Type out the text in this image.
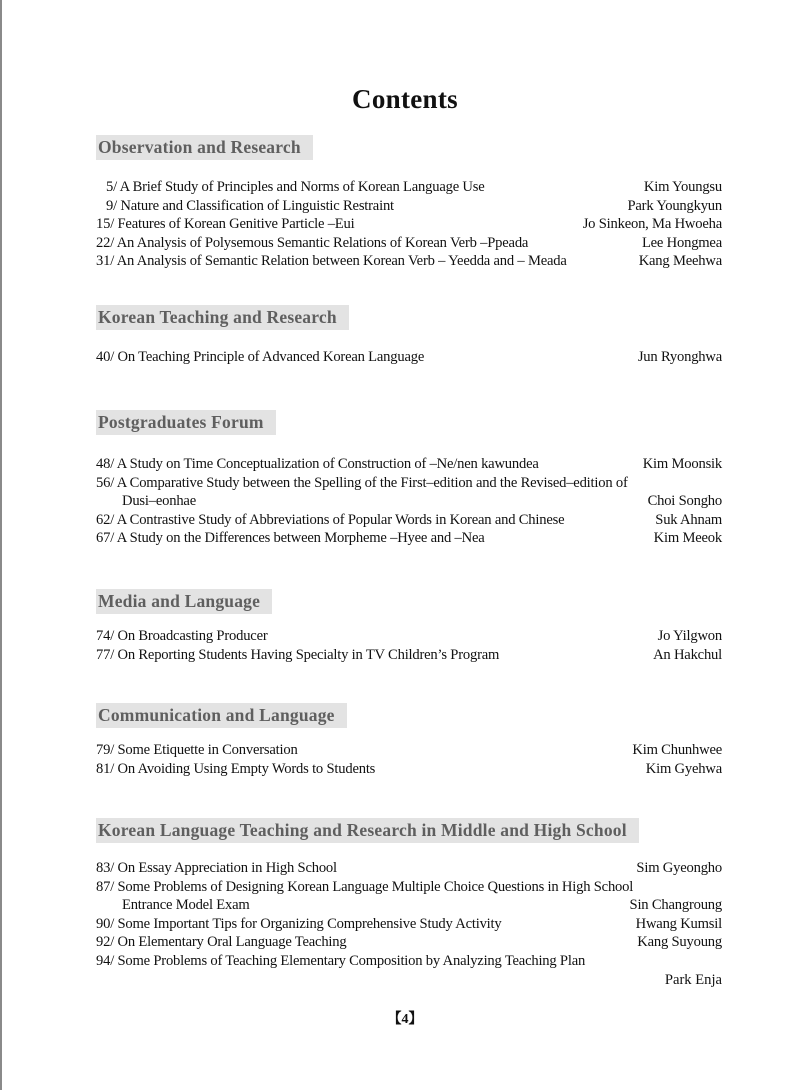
Contents
Observation and Research
5/ A Brief Study of Principles and Norms of Korean Language Use	Kim Youngsu
9/ Nature and Classification of Linguistic Restraint	Park Youngkyun
15/ Features of Korean Genitive Particle –Eui	Jo Sinkeon, Ma Hwoeha
22/ An Analysis of Polysemous Semantic Relations of Korean Verb –Ppeada	Lee Hongmea
31/ An Analysis of Semantic Relation between Korean Verb – Yeedda and – Meada	Kang Meehwa
Korean Teaching and Research
40/ On Teaching Principle of Advanced Korean Language	Jun Ryonghwa
Postgraduates Forum
48/ A Study on Time Conceptualization of Construction of –Ne/nen kawundea	Kim Moonsik
56/ A Comparative Study between the Spelling of the First–edition and the Revised–edition of
Dusi–eonhae	Choi Songho
62/ A Contrastive Study of Abbreviations of Popular Words in Korean and Chinese	Suk Ahnam
67/ A Study on the Differences between Morpheme –Hyee and –Nea	Kim Meeok
Media and Language
74/ On Broadcasting Producer	Jo Yilgwon
77/ On Reporting Students Having Specialty in TV Children’s Program	An Hakchul
Communication and Language
79/ Some Etiquette in Conversation	Kim Chunhwee
81/ On Avoiding Using Empty Words to Students	Kim Gyehwa
Korean Language Teaching and Research in Middle and High School
83/ On Essay Appreciation in High School	Sim Gyeongho
87/ Some Problems of Designing Korean Language Multiple Choice Questions in High School
Entrance Model Exam	Sin Changroung
90/ Some Important Tips for Organizing Comprehensive Study Activity	Hwang Kumsil
92/ On Elementary Oral Language Teaching	Kang Suyoung
94/ Some Problems of Teaching Elementary Composition by Analyzing Teaching Plan
Park Enja
【4】
